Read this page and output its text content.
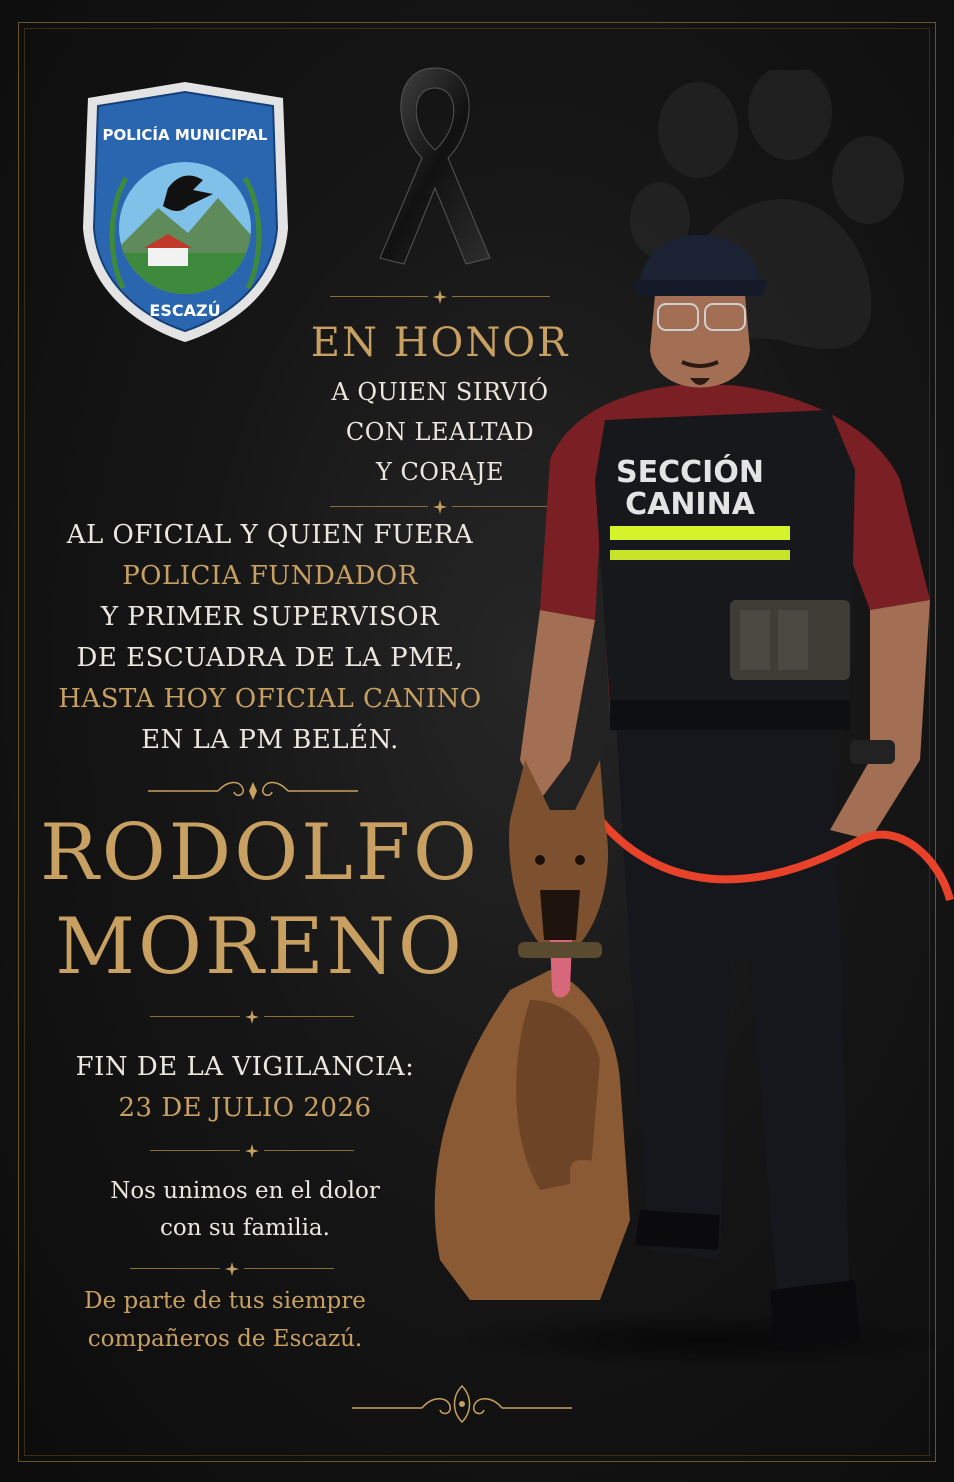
POLICÍA MUNICIPAL
ESCAZÚ
EN HONOR
A QUIEN SIRVIÓ
CON LEALTAD
Y CORAJE
AL OFICIAL Y QUIEN FUERA
POLICIA FUNDADOR
Y PRIMER SUPERVISOR
DE ESCUADRA DE LA PME,
HASTA HOY OFICIAL CANINO
EN LA PM BELÉN.
RODOLFO
MORENO
FIN DE LA VIGILANCIA:
23 DE JULIO 2026
Nos unimos en el dolor
con su familia.
De parte de tus siempre
compañeros de Escazú.
SECCIÓN
CANINA
